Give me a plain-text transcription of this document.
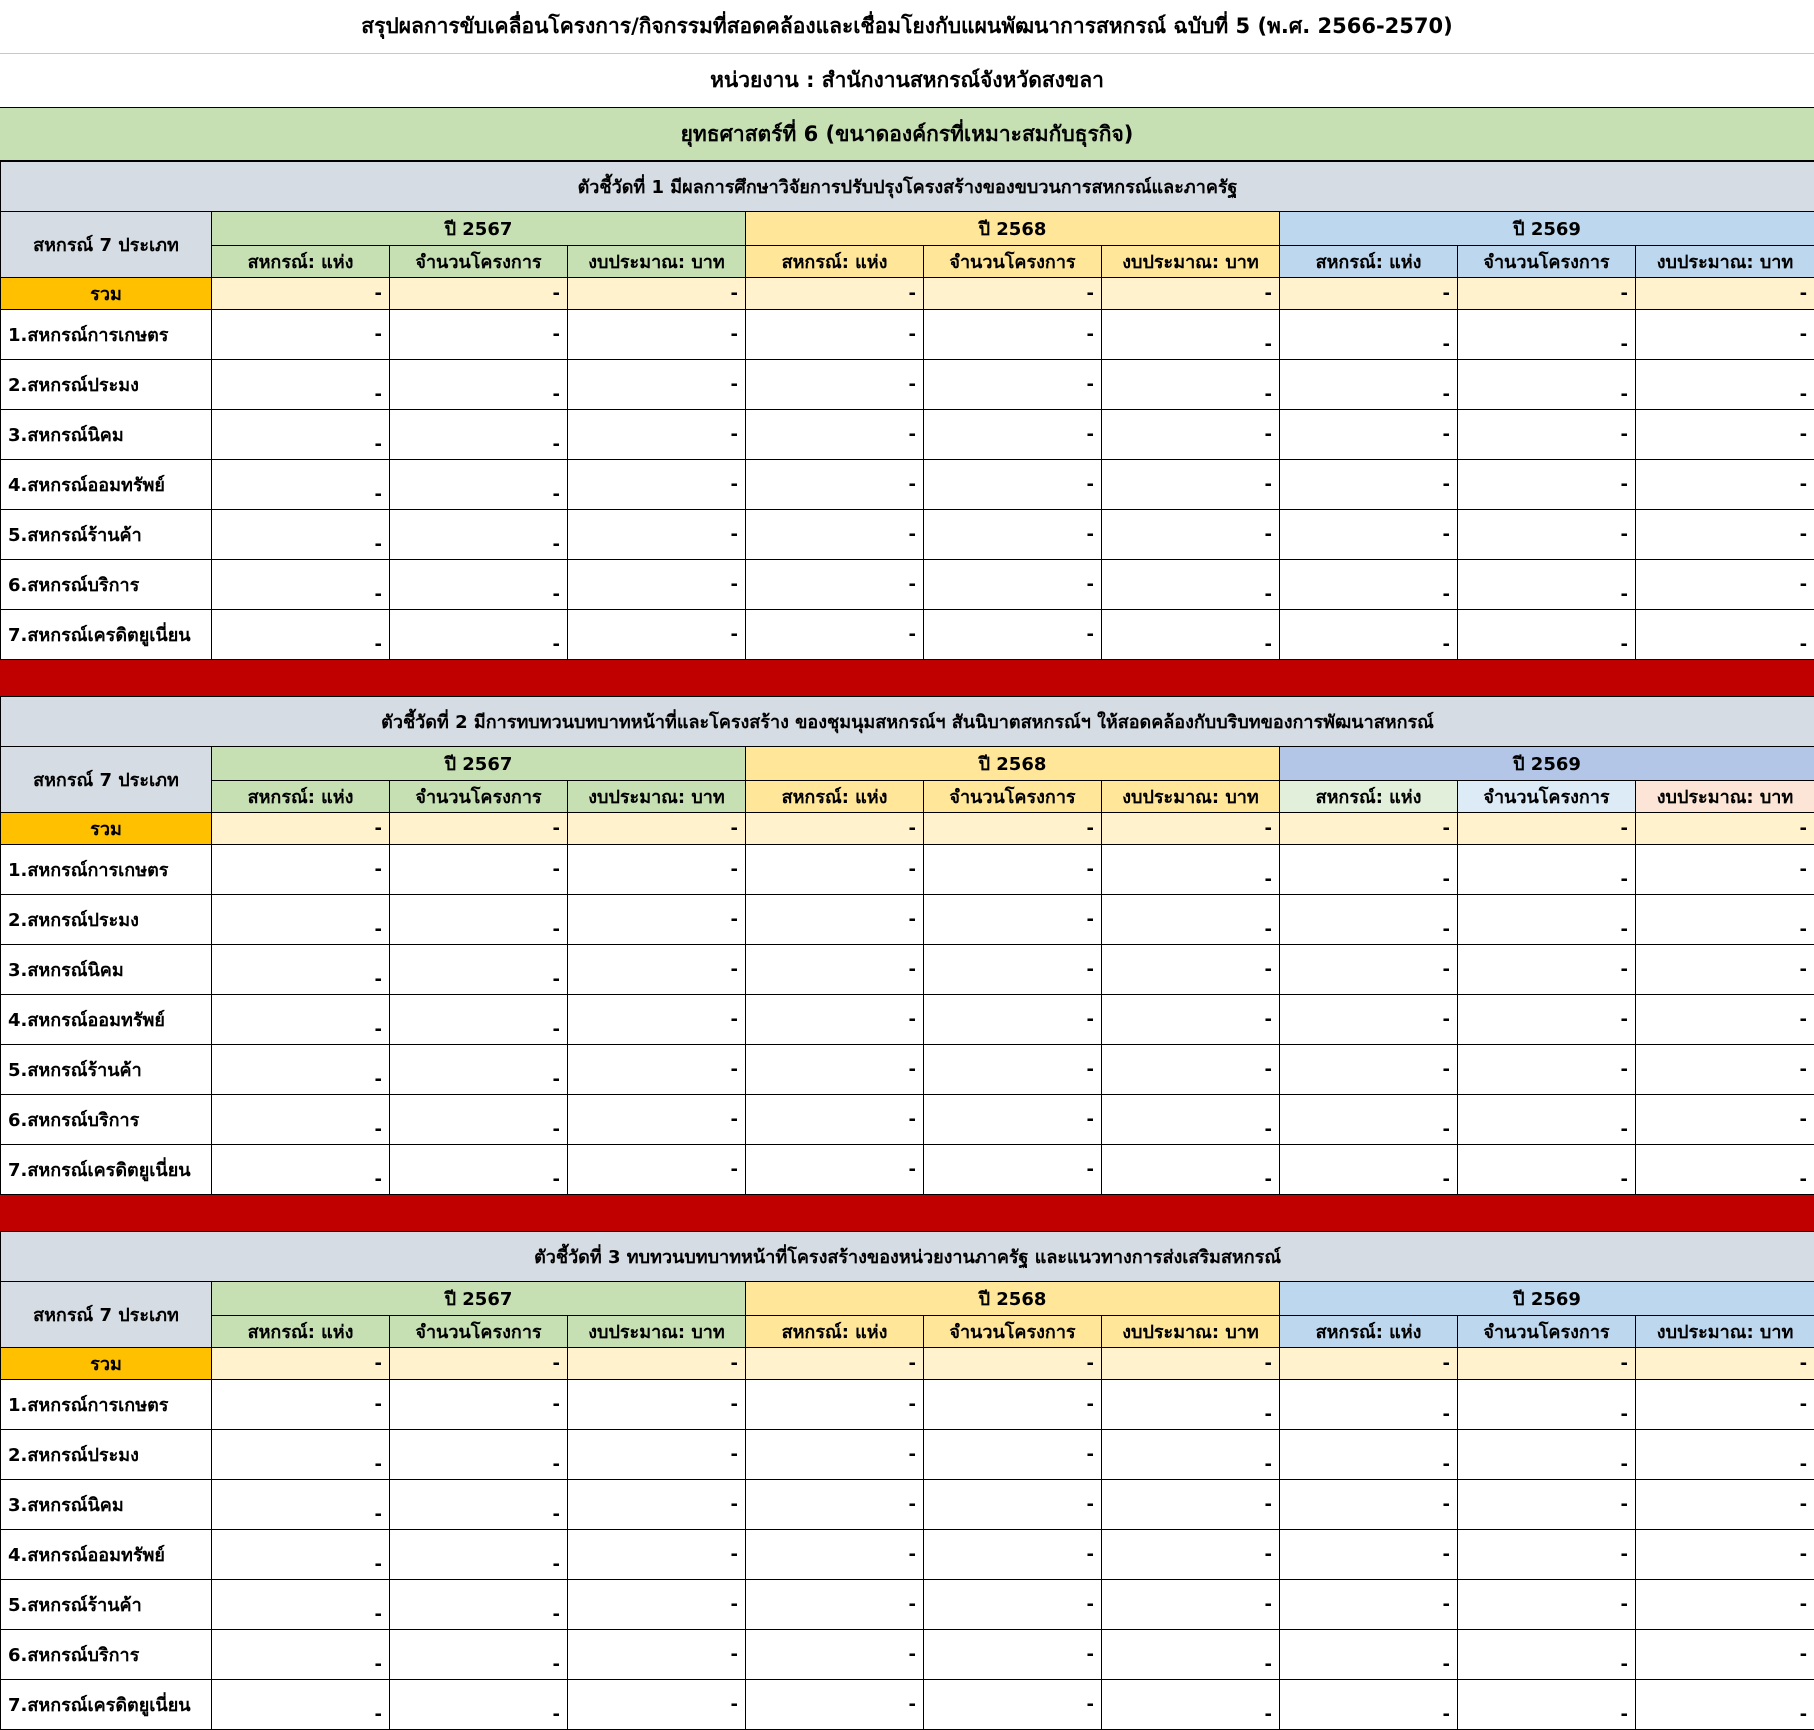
สรุปผลการขับเคลื่อนโครงการ/กิจกรรมที่สอดคล้องและเชื่อมโยงกับแผนพัฒนาการสหกรณ์ ฉบับที่ 5 (พ.ศ. 2566-2570)
หน่วยงาน : สำนักงานสหกรณ์จังหวัดสงขลา
ยุทธศาสตร์ที่ 6 (ขนาดองค์กรที่เหมาะสมกับธุรกิจ)
ตัวชี้วัดที่ 1 มีผลการศึกษาวิจัยการปรับปรุงโครงสร้างของขบวนการสหกรณ์และภาครัฐ									
สหกรณ์ 7 ประเภท	ปี 2567			ปี 2568			ปี 2569		
	สหกรณ์: แห่ง	จำนวนโครงการ	งบประมาณ: บาท	สหกรณ์: แห่ง	จำนวนโครงการ	งบประมาณ: บาท	สหกรณ์: แห่ง	จำนวนโครงการ	งบประมาณ: บาท
รวม	-	-	-	-	-	-	-	-	-
1.สหกรณ์การเกษตร	-	-	-	-	-	-	-	-	-
2.สหกรณ์ประมง	-	-	-	-	-	-	-	-	-
3.สหกรณ์นิคม	-	-	-	-	-	-	-	-	-
4.สหกรณ์ออมทรัพย์	-	-	-	-	-	-	-	-	-
5.สหกรณ์ร้านค้า	-	-	-	-	-	-	-	-	-
6.สหกรณ์บริการ	-	-	-	-	-	-	-	-	-
7.สหกรณ์เครดิตยูเนี่ยน	-	-	-	-	-	-	-	-	-
ตัวชี้วัดที่ 2 มีการทบทวนบทบาทหน้าที่และโครงสร้าง ของชุมนุมสหกรณ์ฯ สันนิบาตสหกรณ์ฯ ให้สอดคล้องกับบริบทของการพัฒนาสหกรณ์									
สหกรณ์ 7 ประเภท	ปี 2567			ปี 2568			ปี 2569		
	สหกรณ์: แห่ง	จำนวนโครงการ	งบประมาณ: บาท	สหกรณ์: แห่ง	จำนวนโครงการ	งบประมาณ: บาท	สหกรณ์: แห่ง	จำนวนโครงการ	งบประมาณ: บาท
รวม	-	-	-	-	-	-	-	-	-
1.สหกรณ์การเกษตร	-	-	-	-	-	-	-	-	-
2.สหกรณ์ประมง	-	-	-	-	-	-	-	-	-
3.สหกรณ์นิคม	-	-	-	-	-	-	-	-	-
4.สหกรณ์ออมทรัพย์	-	-	-	-	-	-	-	-	-
5.สหกรณ์ร้านค้า	-	-	-	-	-	-	-	-	-
6.สหกรณ์บริการ	-	-	-	-	-	-	-	-	-
7.สหกรณ์เครดิตยูเนี่ยน	-	-	-	-	-	-	-	-	-
ตัวชี้วัดที่ 3 ทบทวนบทบาทหน้าที่โครงสร้างของหน่วยงานภาครัฐ และแนวทางการส่งเสริมสหกรณ์									
สหกรณ์ 7 ประเภท	ปี 2567			ปี 2568			ปี 2569		
	สหกรณ์: แห่ง	จำนวนโครงการ	งบประมาณ: บาท	สหกรณ์: แห่ง	จำนวนโครงการ	งบประมาณ: บาท	สหกรณ์: แห่ง	จำนวนโครงการ	งบประมาณ: บาท
รวม	-	-	-	-	-	-	-	-	-
1.สหกรณ์การเกษตร	-	-	-	-	-	-	-	-	-
2.สหกรณ์ประมง	-	-	-	-	-	-	-	-	-
3.สหกรณ์นิคม	-	-	-	-	-	-	-	-	-
4.สหกรณ์ออมทรัพย์	-	-	-	-	-	-	-	-	-
5.สหกรณ์ร้านค้า	-	-	-	-	-	-	-	-	-
6.สหกรณ์บริการ	-	-	-	-	-	-	-	-	-
7.สหกรณ์เครดิตยูเนี่ยน	-	-	-	-	-	-	-	-	-
